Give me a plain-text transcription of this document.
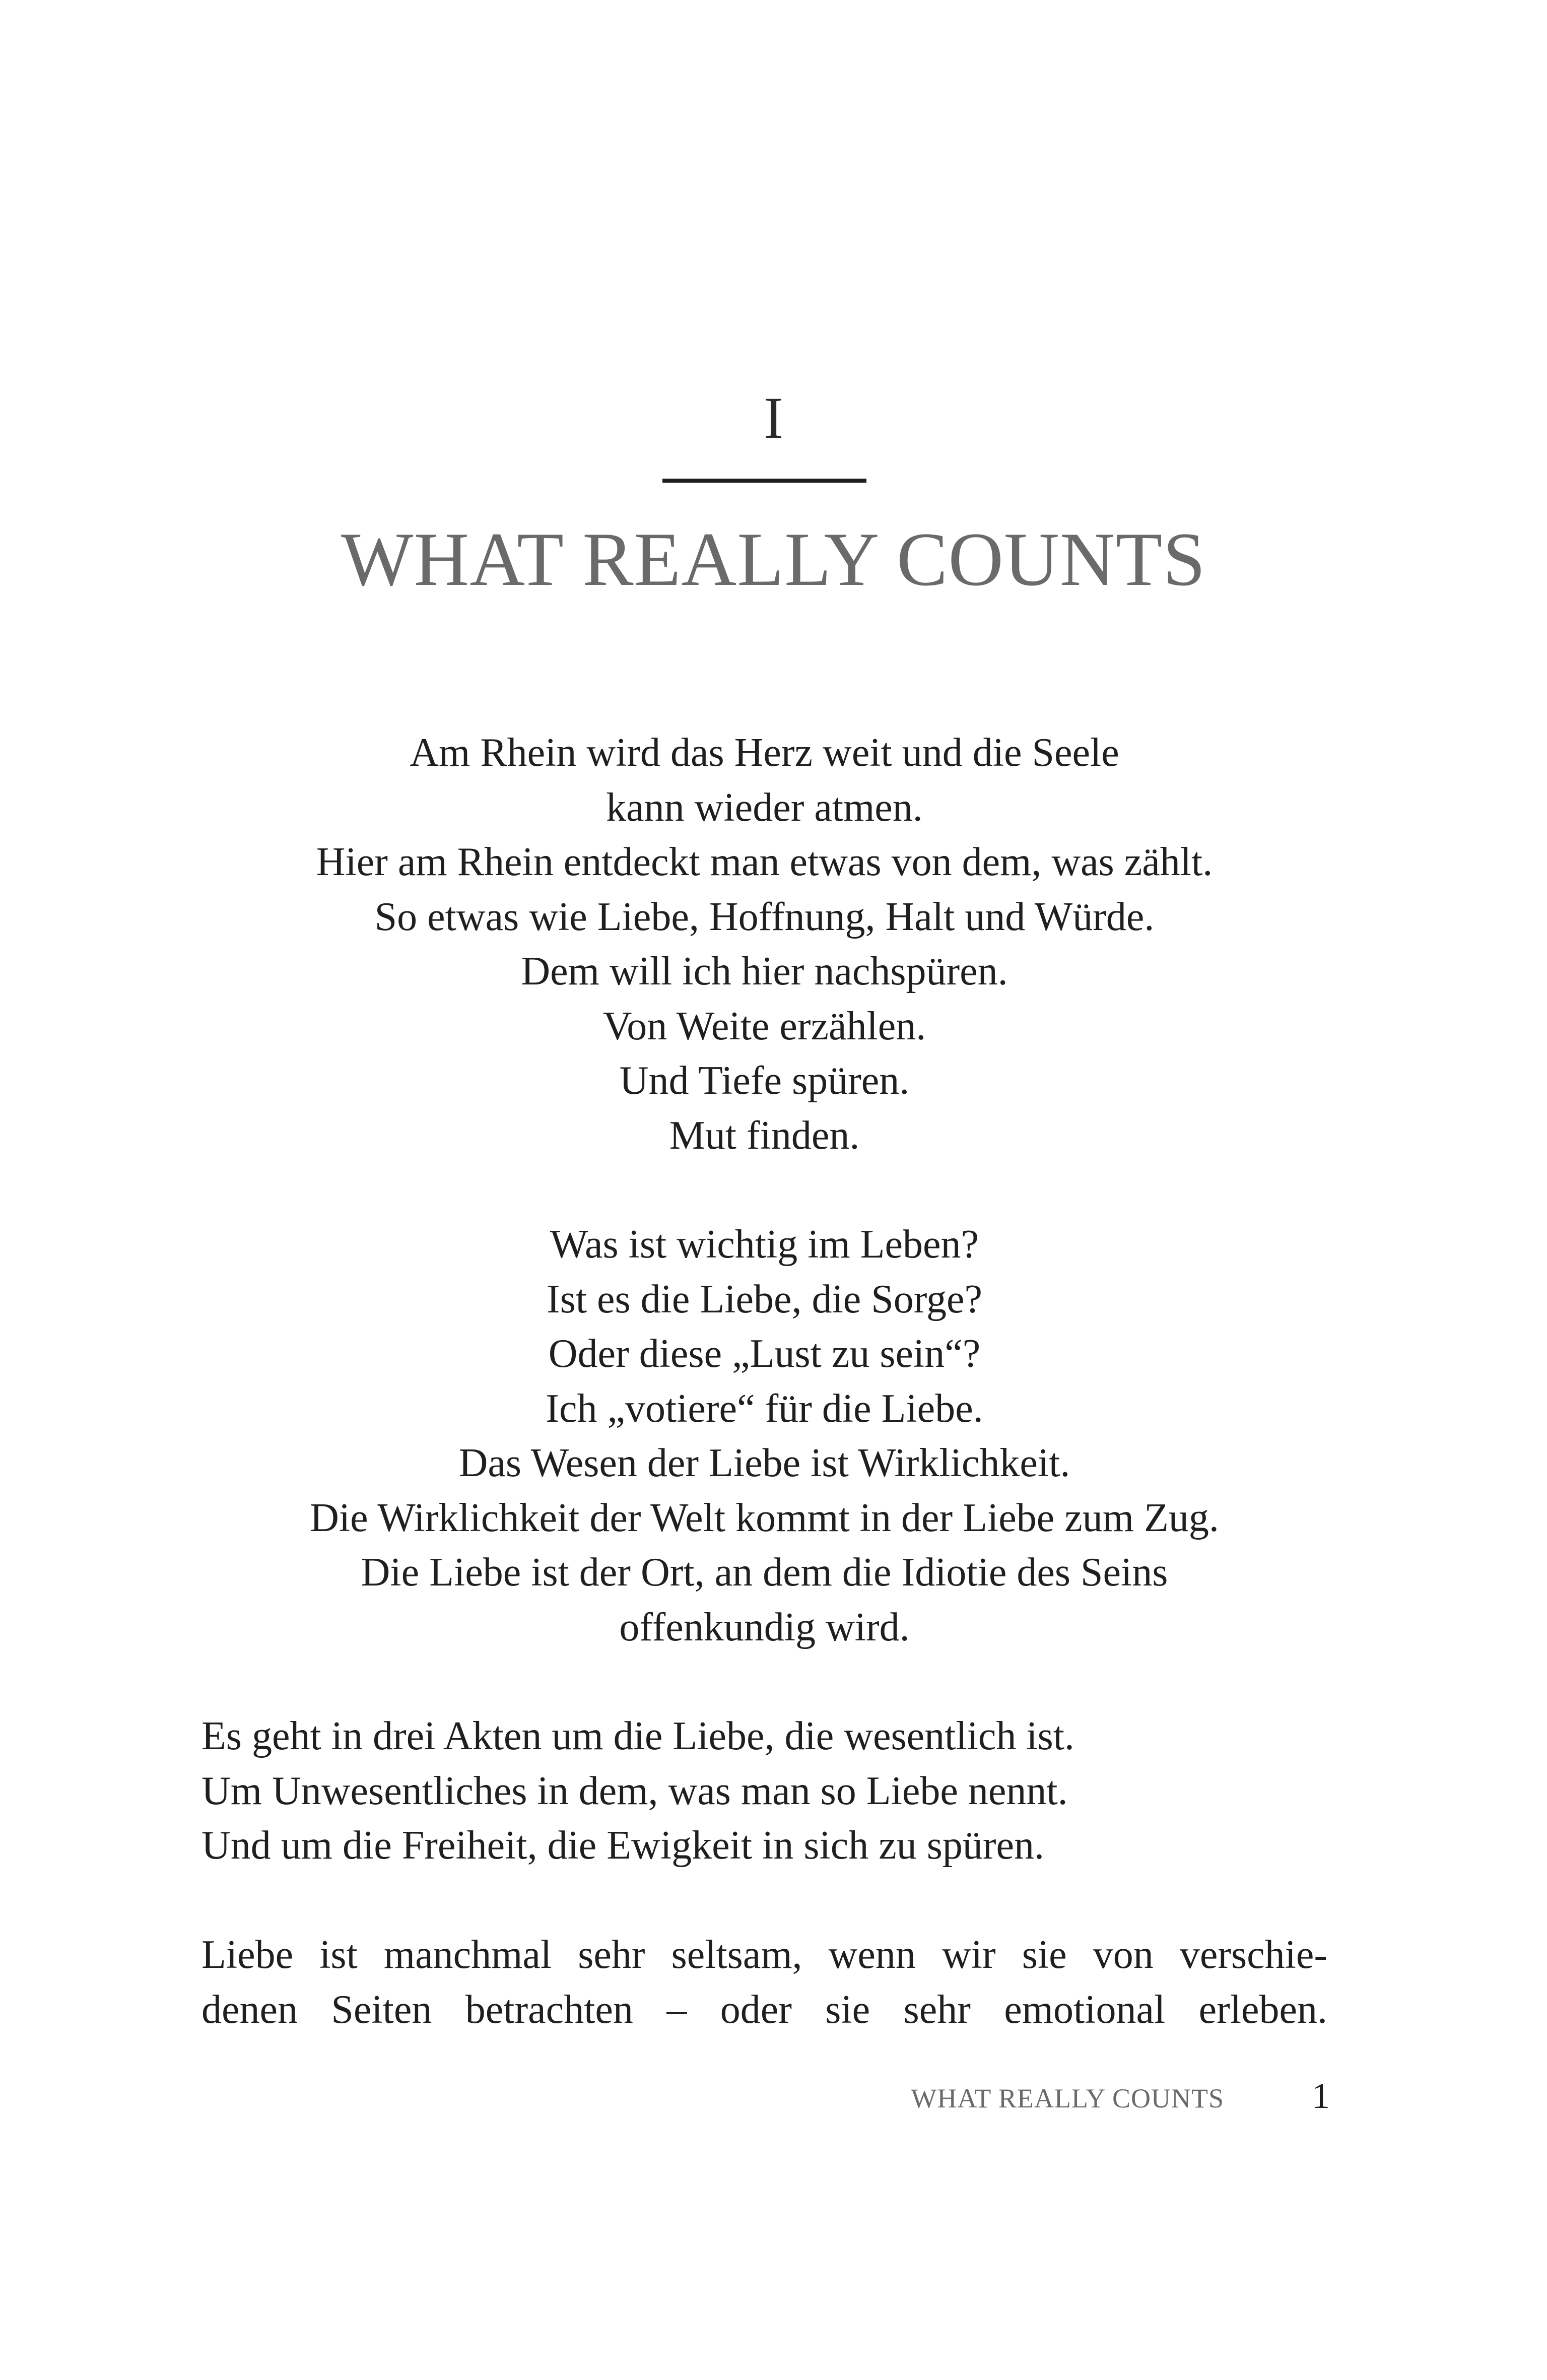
I
WHAT REALLY COUNTS
Am Rhein wird das Herz weit und die Seele
kann wieder atmen.
Hier am Rhein entdeckt man etwas von dem, was zählt.
So etwas wie Liebe, Hoffnung, Halt und Würde.
Dem will ich hier nachspüren.
Von Weite erzählen.
Und Tiefe spüren.
Mut finden.
Was ist wichtig im Leben?
Ist es die Liebe, die Sorge?
Oder diese „Lust zu sein“?
Ich „votiere“ für die Liebe.
Das Wesen der Liebe ist Wirklichkeit.
Die Wirklichkeit der Welt kommt in der Liebe zum Zug.
Die Liebe ist der Ort, an dem die Idiotie des Seins
offenkundig wird.
Es geht in drei Akten um die Liebe, die wesentlich ist.
Um Unwesentliches in dem, was man so Liebe nennt.
Und um die Freiheit, die Ewigkeit in sich zu spüren.
Liebe ist manchmal sehr seltsam, wenn wir sie von verschie-
denen Seiten betrachten – oder sie sehr emotional erleben.
WHAT REALLY COUNTS	1
